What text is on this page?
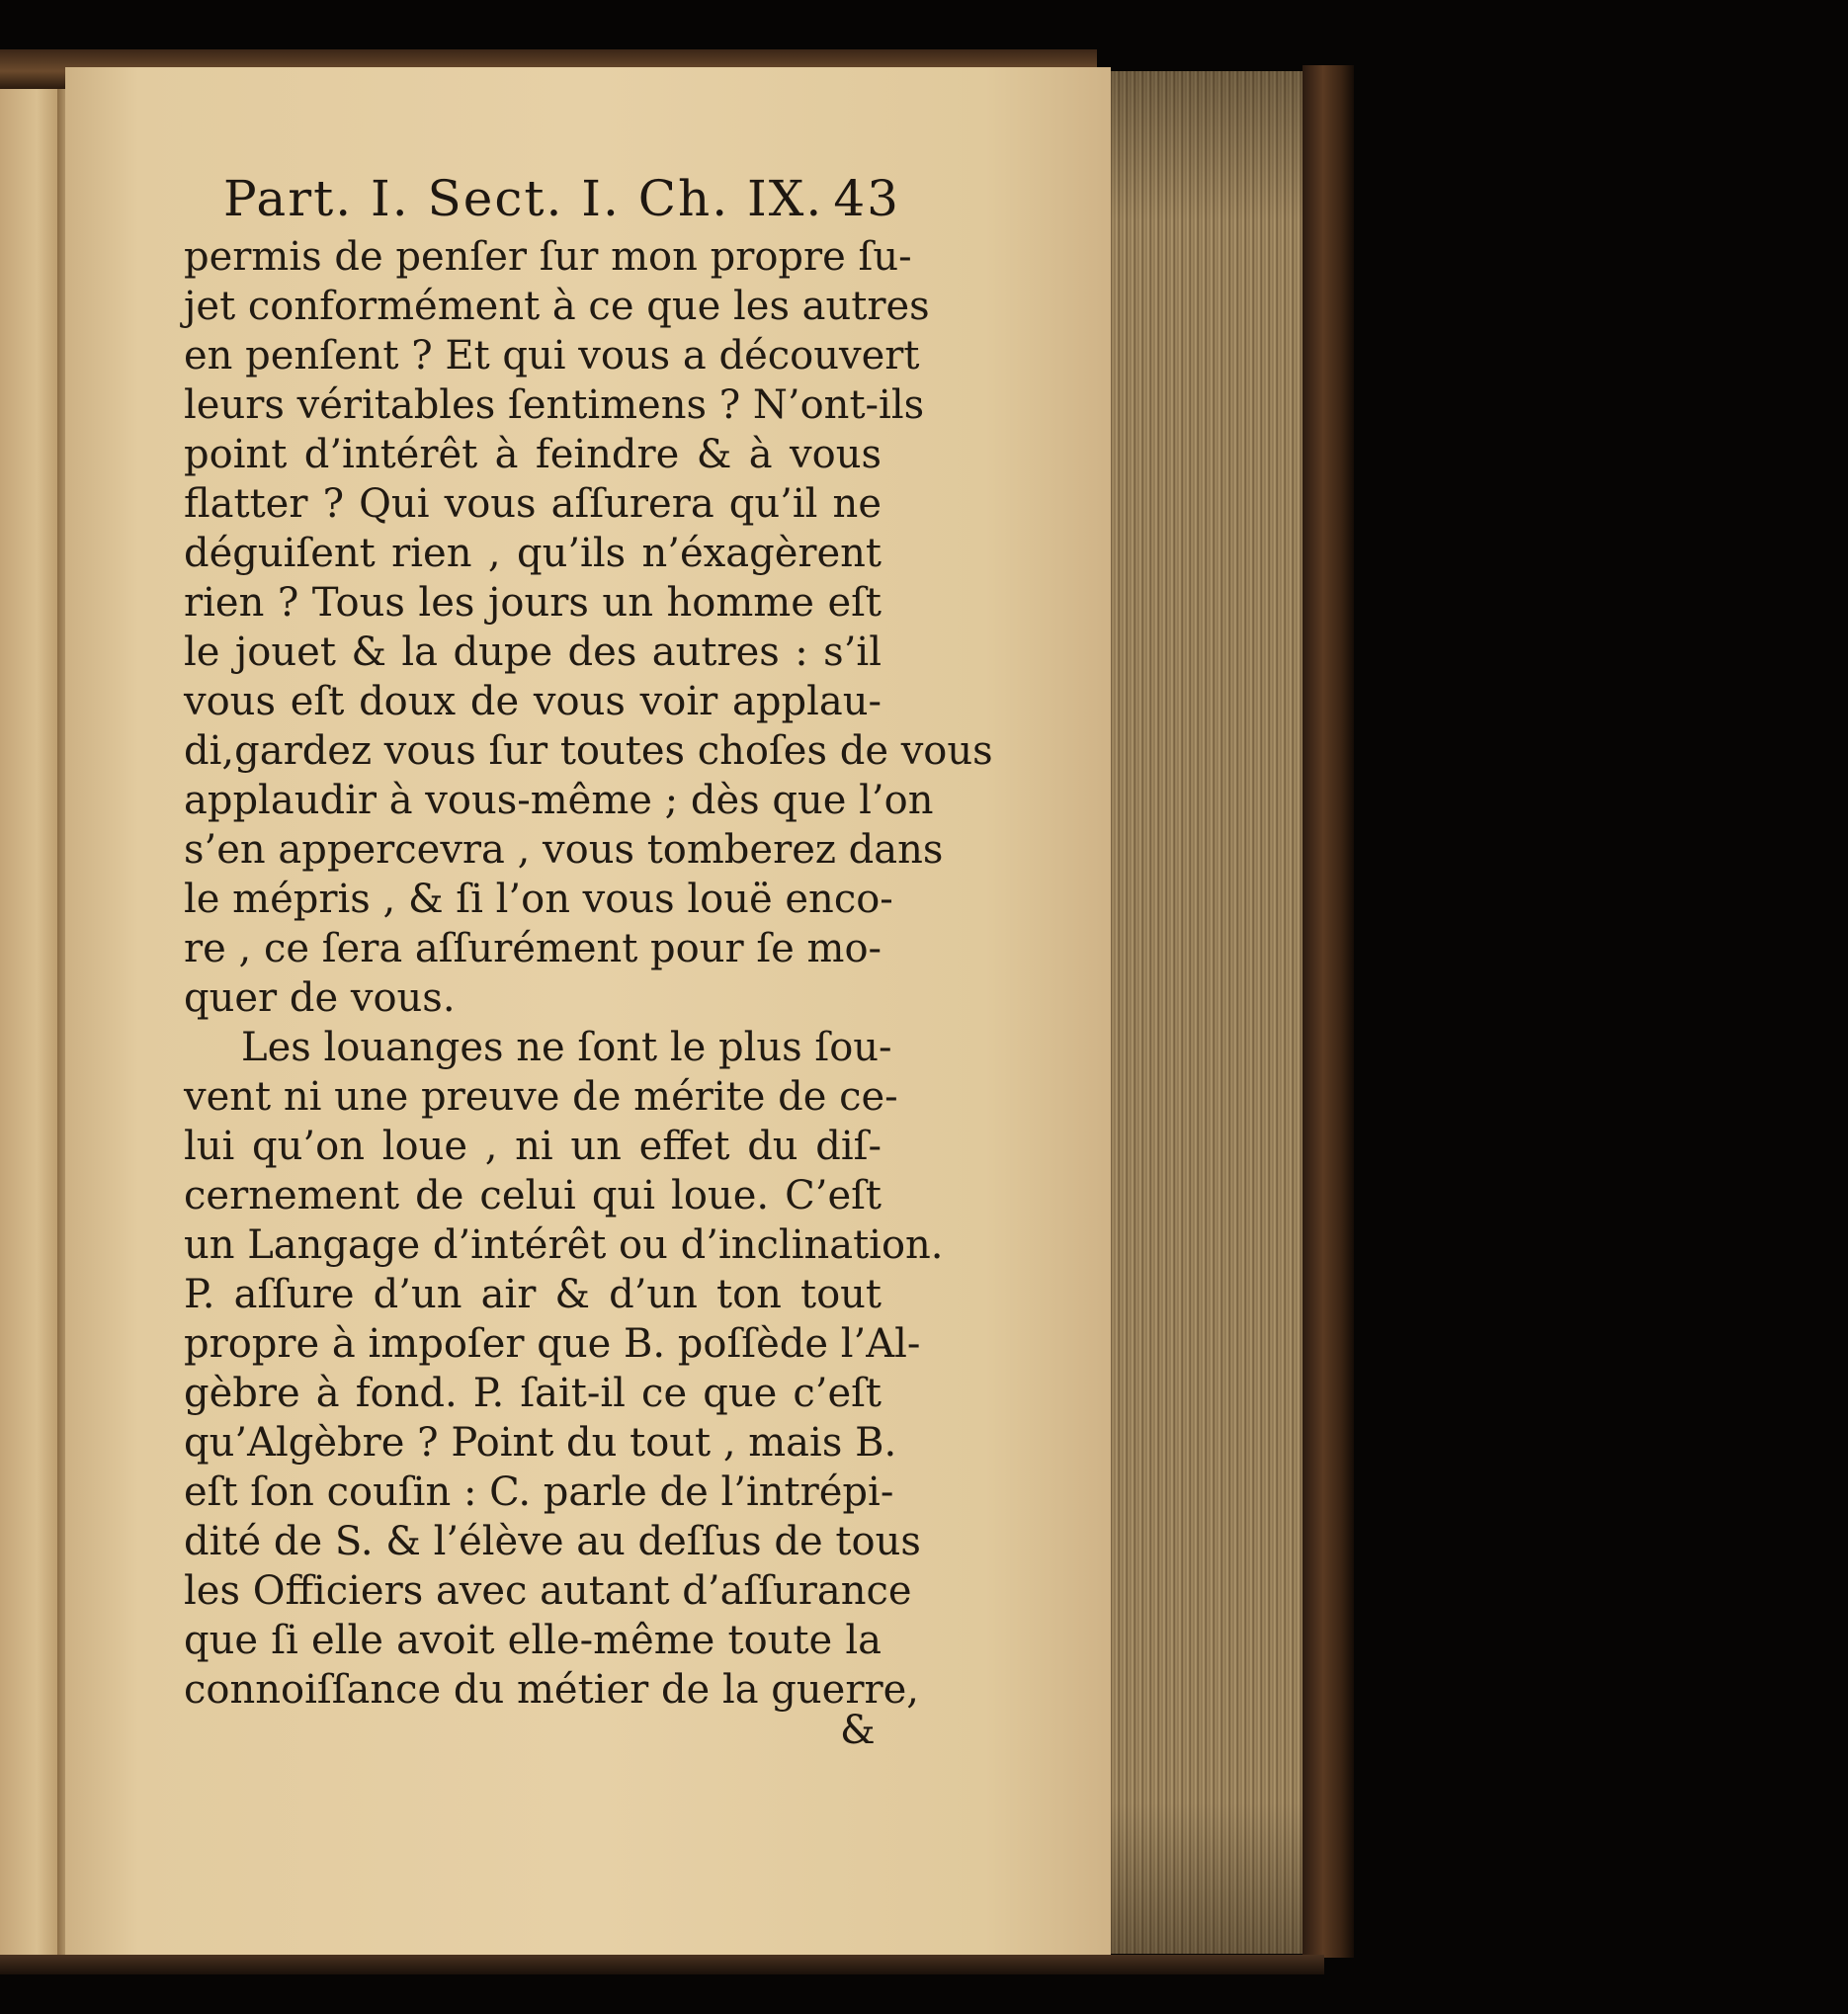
Part. I. Sect. I. Ch. IX. 43
permis de penſer ſur mon propre ſu-
jet conformément à ce que les autres
en penſent ? Et qui vous a découvert
leurs véritables ſentimens ? N’ont-ils
point d’intérêt à feindre & à vous
flatter ? Qui vous aſſurera qu’il ne
déguiſent rien , qu’ils n’éxagèrent
rien ? Tous les jours un homme eſt
le jouet & la dupe des autres : s’il
vous eſt doux de vous voir applau-
di,gardez vous ſur toutes choſes de vous
applaudir à vous-même ; dès que l’on
s’en appercevra , vous tomberez dans
le mépris , & ſi l’on vous louë enco-
re , ce ſera aſſurément pour ſe mo-
quer de vous.
Les louanges ne ſont le plus ſou-
vent ni une preuve de mérite de ce-
lui qu’on loue , ni un effet du diſ-
cernement de celui qui loue. C’eſt
un Langage d’intérêt ou d’inclination.
P. aſſure d’un air & d’un ton tout
propre à impoſer que B. poſſède l’Al-
gèbre à fond. P. ſait-il ce que c’eſt
qu’Algèbre ? Point du tout , mais B.
eſt ſon couſin : C. parle de l’intrépi-
dité de S. & l’élève au deſſus de tous
les Officiers avec autant d’aſſurance
que ſi elle avoit elle-même toute la
connoiſſance du métier de la guerre,
&
